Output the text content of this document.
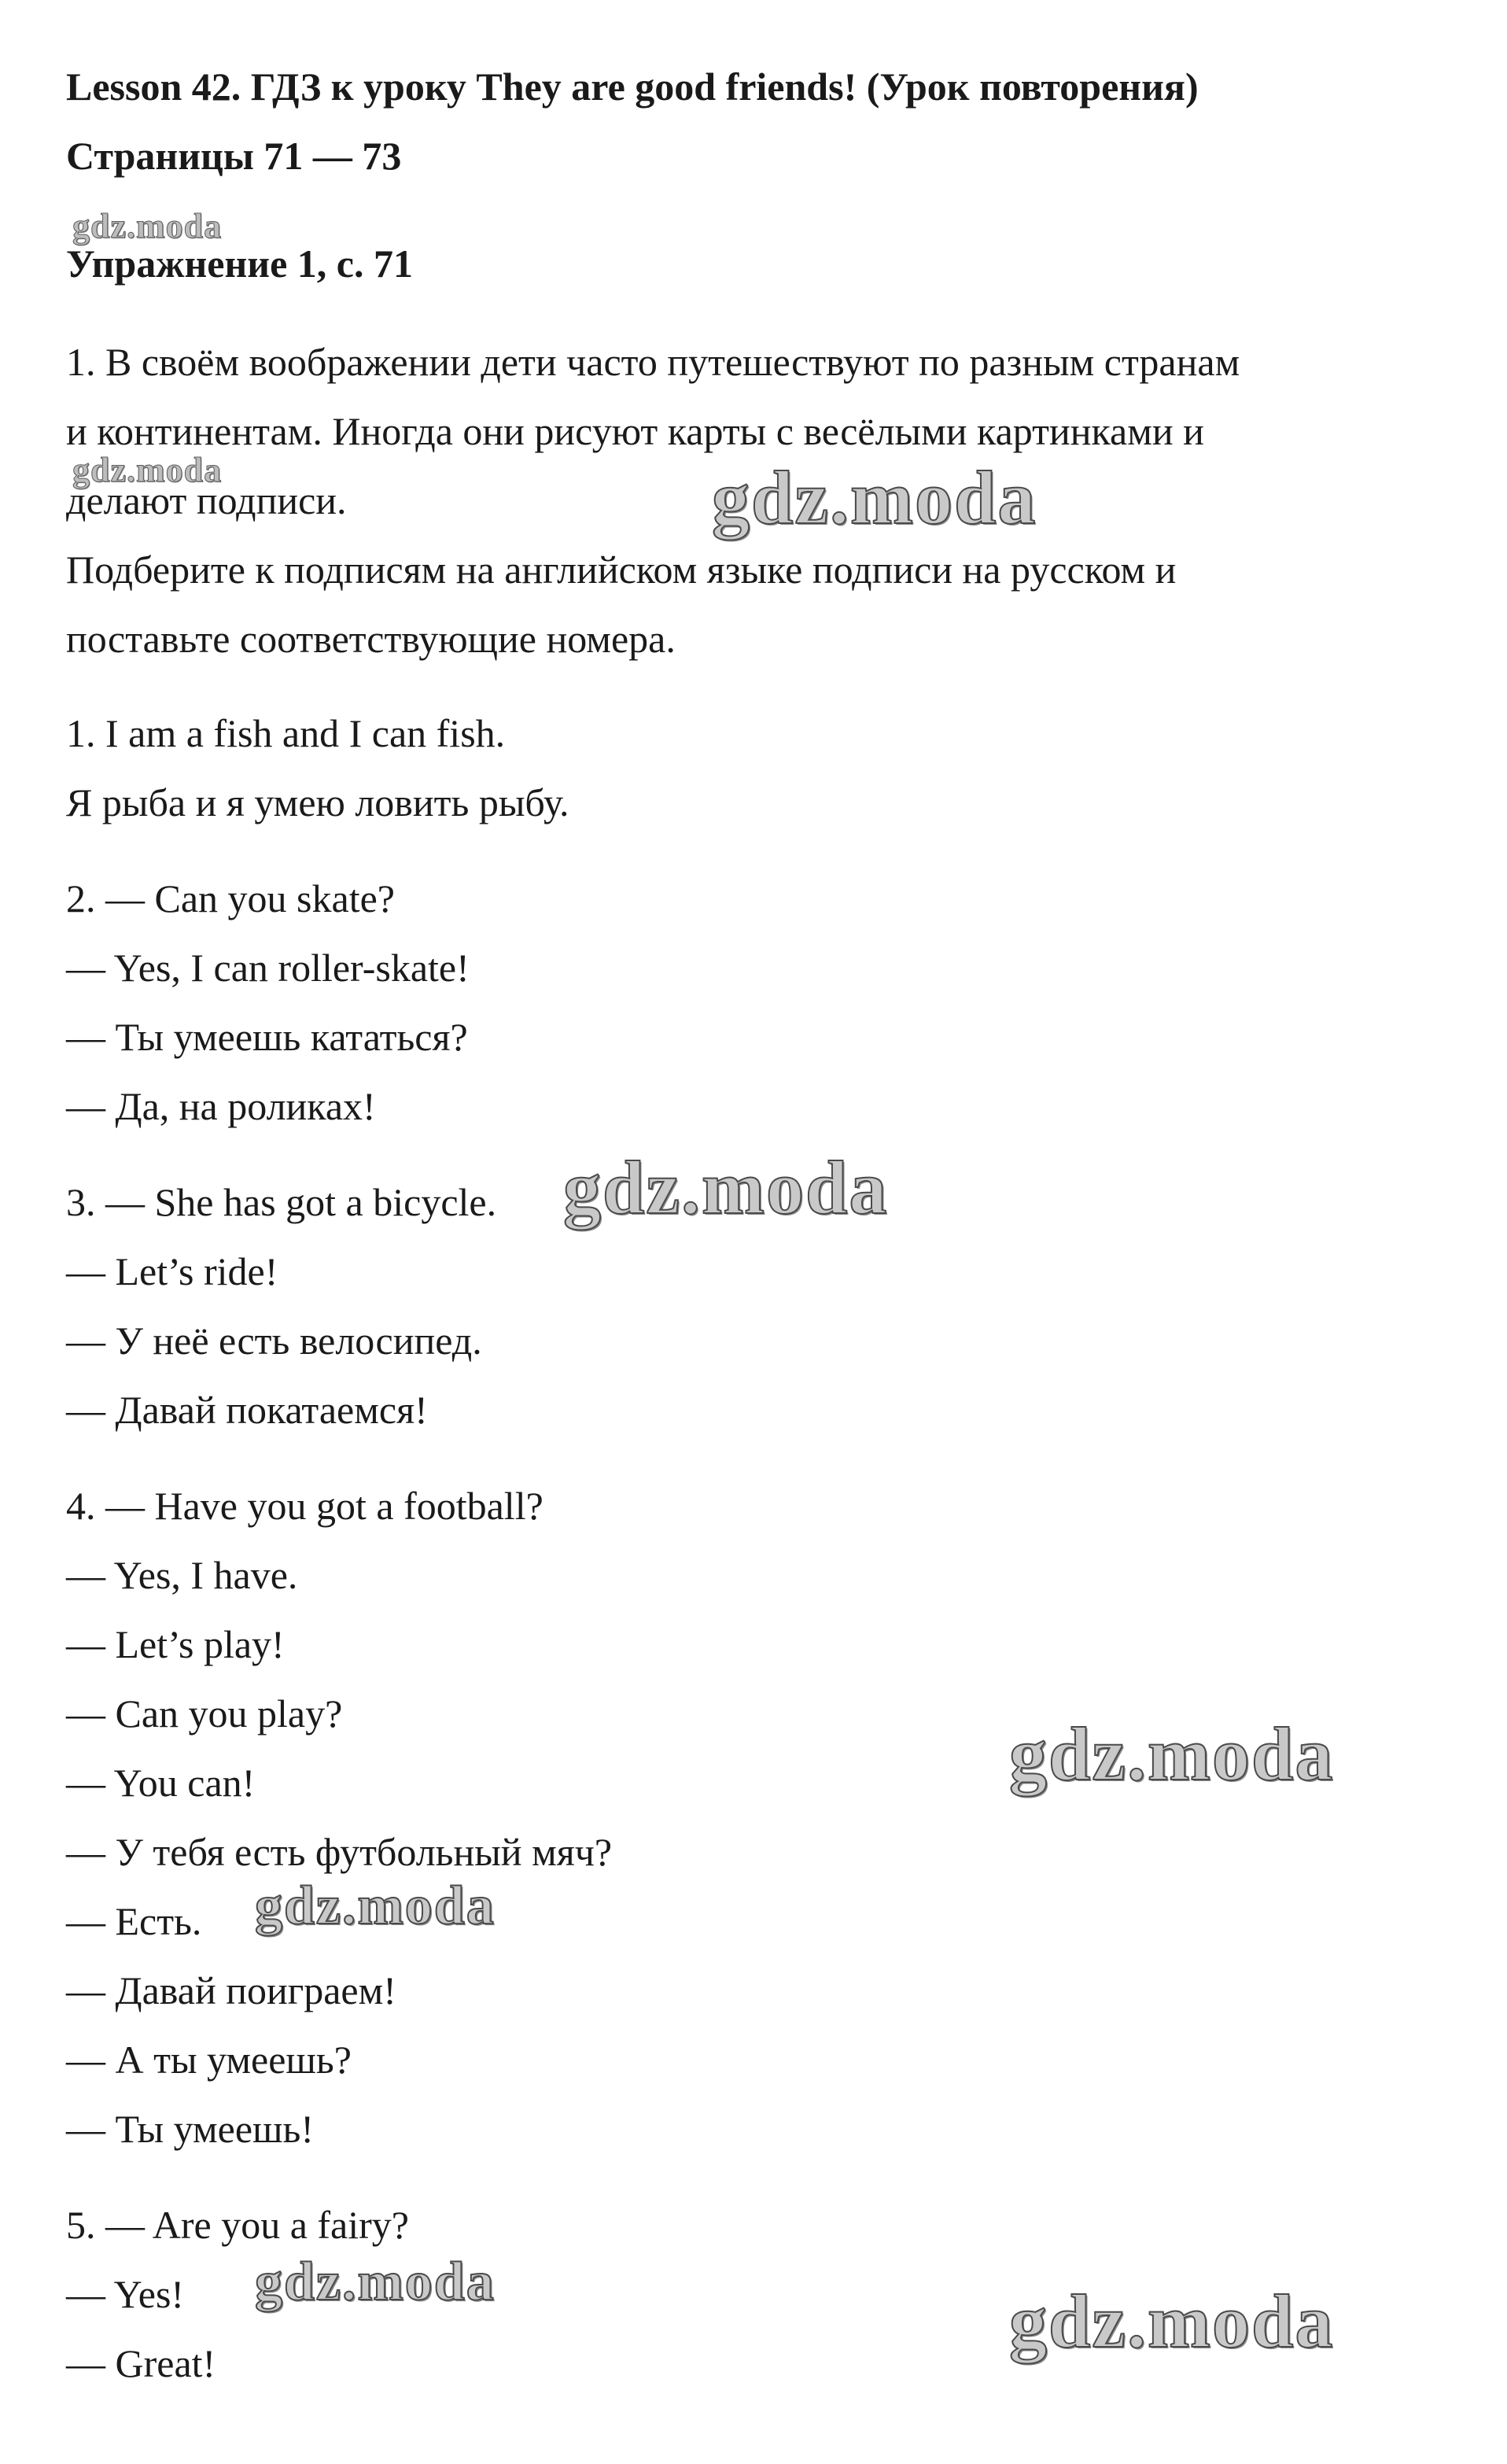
Lesson 42. ГДЗ к уроку They are good friends! (Урок повторения)
Страницы 71 — 73
Упражнение 1, с. 71
1. В своём воображении дети часто путешествуют по разным странам
и континентам. Иногда они рисуют карты с весёлыми картинками и
делают подписи.
Подберите к подписям на английском языке подписи на русском и
поставьте соответствующие номера.
1. I am a fish and I can fish.
Я рыба и я умею ловить рыбу.
2. — Can you skate?
— Yes, I can roller-skate!
— Ты умеешь кататься?
— Да, на роликах!
3. — She has got a bicycle.
— Let’s ride!
— У неё есть велосипед.
— Давай покатаемся!
4. — Have you got a football?
— Yes, I have.
— Let’s play!
— Can you play?
— You can!
— У тебя есть футбольный мяч?
— Есть.
— Давай поиграем!
— А ты умеешь?
— Ты умеешь!
5. — Are you a fairy?
— Yes!
— Great!
gdz.moda
gdz.moda	gdz.moda
gdz.moda
gdz.moda
gdz.moda
gdz.moda	gdz.moda
